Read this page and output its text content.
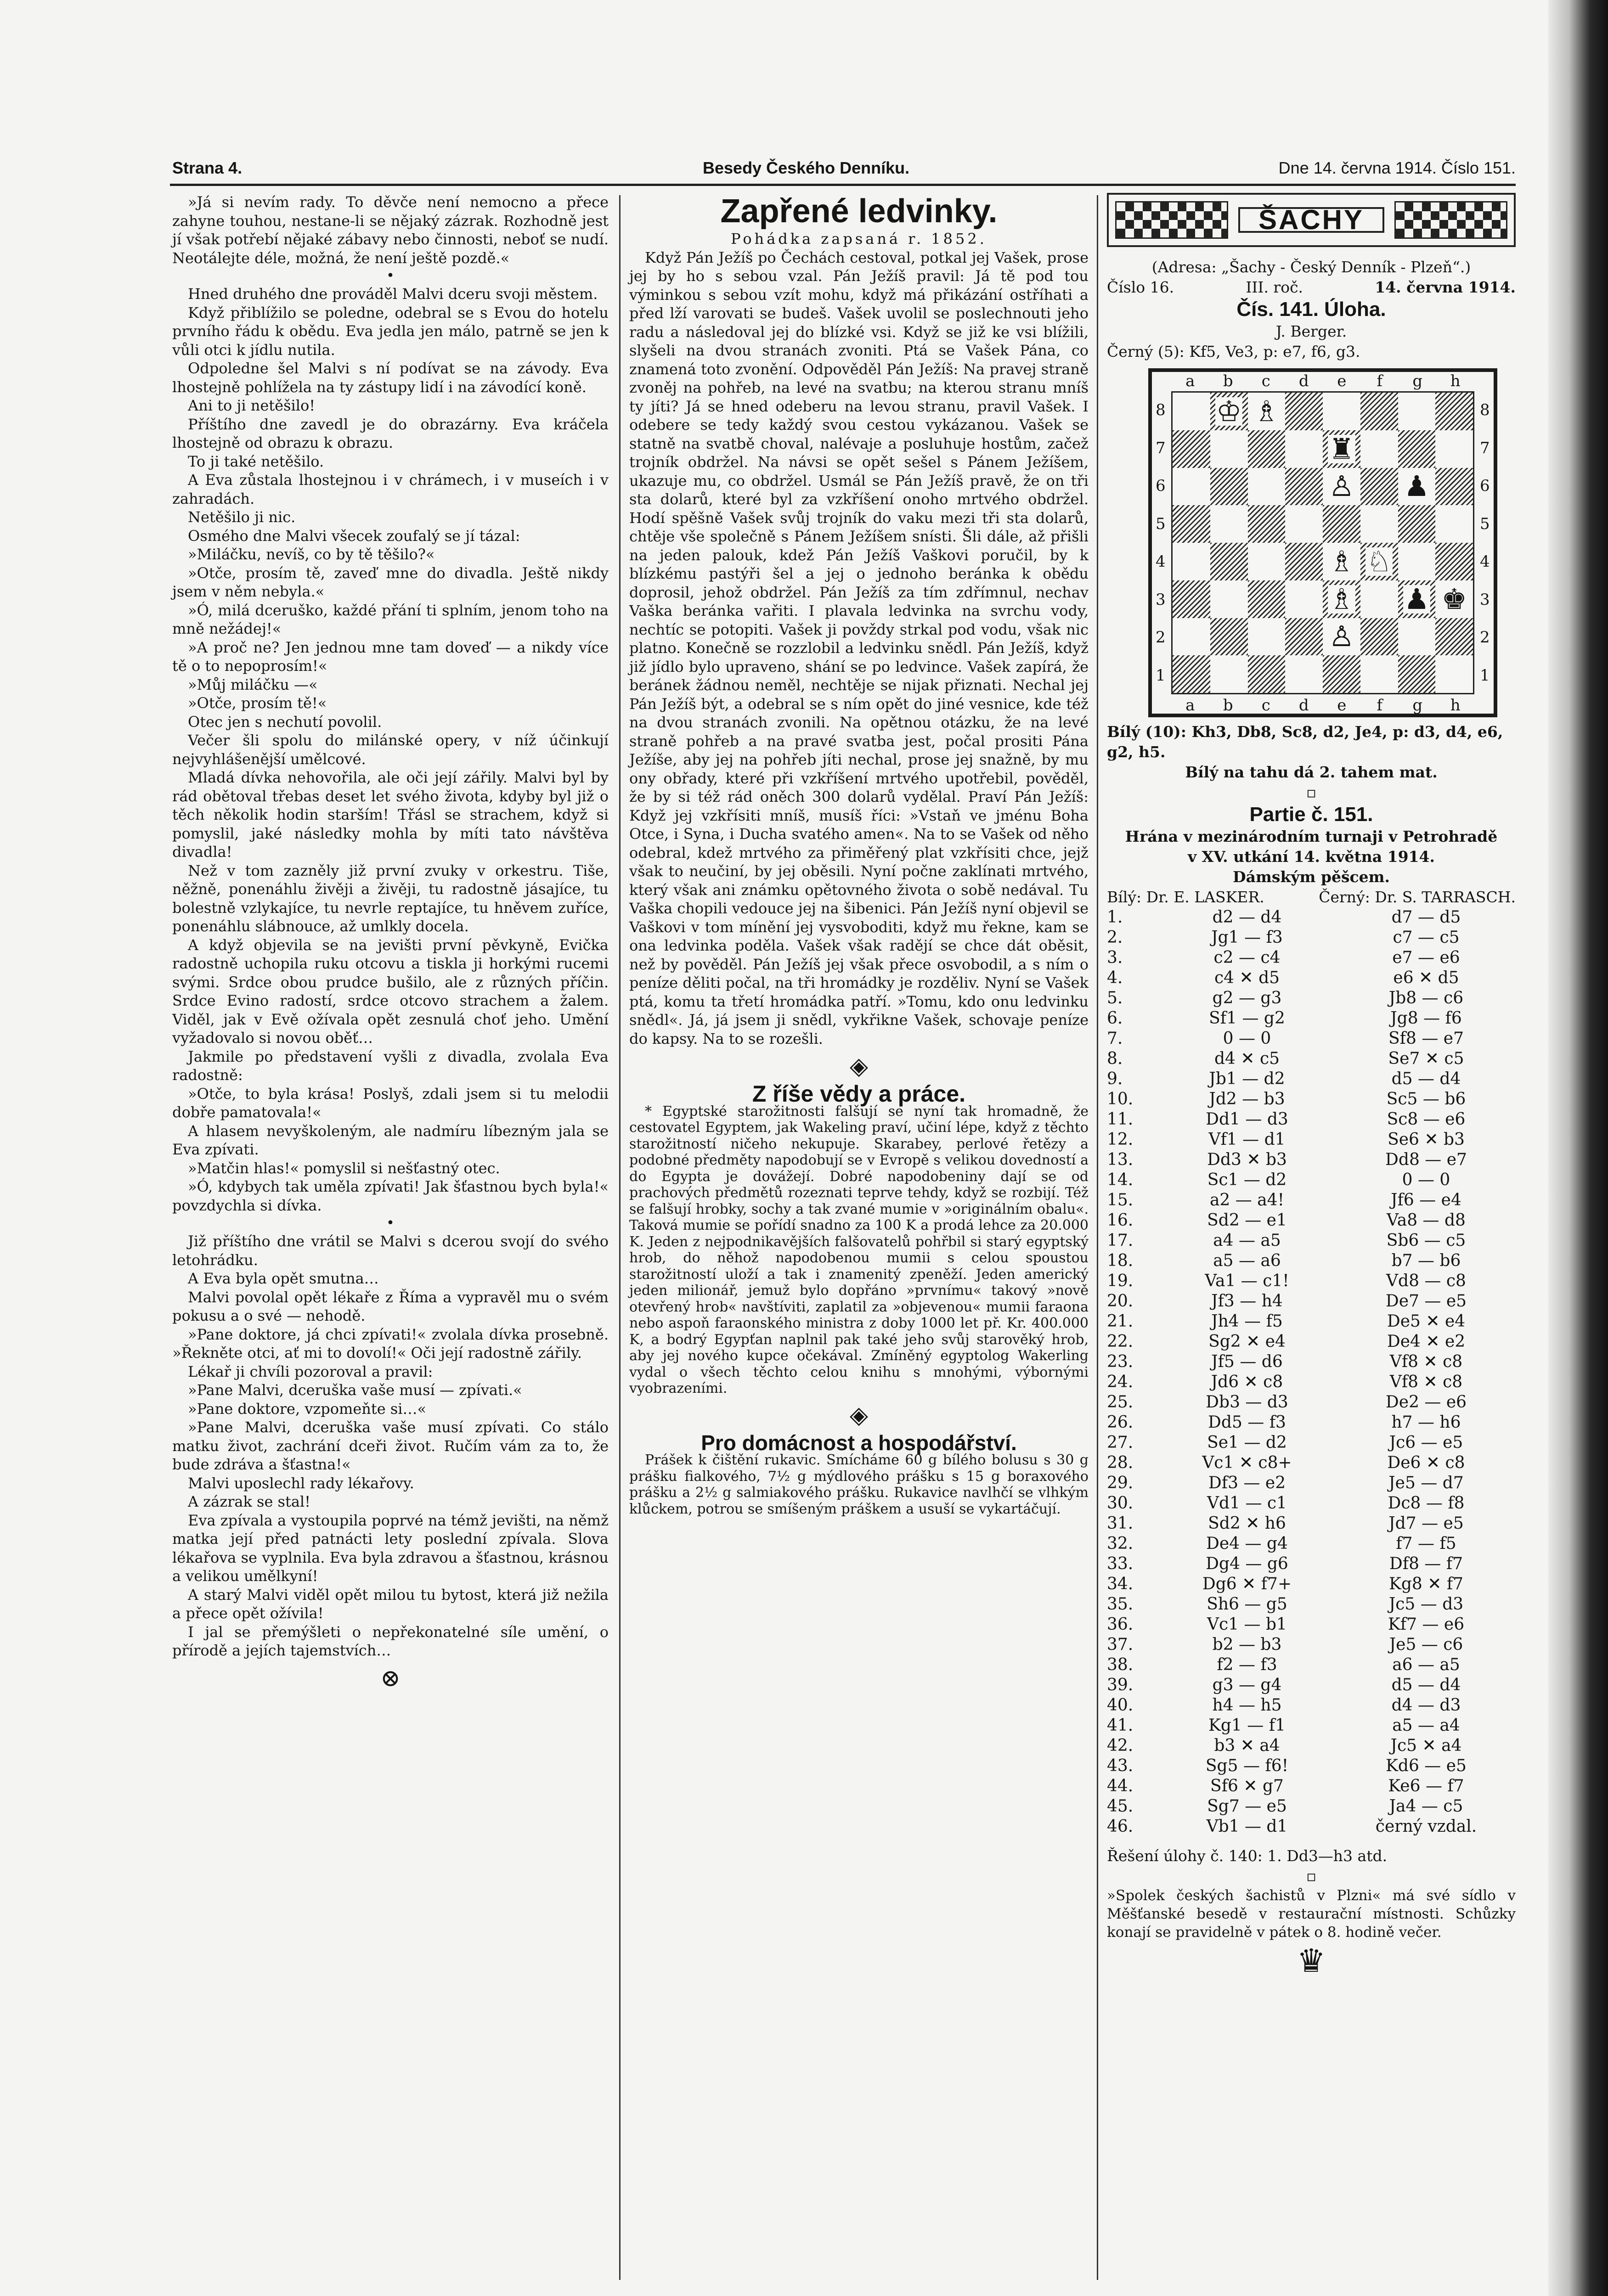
Strana 4.	Besedy Českého Denníku.	Dne 14. června 1914. Číslo 151.

»Já si nevím rady. To děvče není nemocno a přece zahyne touhou, nestane-li se nějaký zázrak. Rozhodně jest jí však potřebí nějaké zábavy nebo činnosti, neboť se nudí. Neotálejte déle, možná, že není ještě pozdě.«

•

Hned druhého dne prováděl Malvi dceru svoji městem.

Když přiblížilo se poledne, odebral se s Evou do hotelu prvního řádu k obědu. Eva jedla jen málo, patrně se jen k vůli otci k jídlu nutila.

Odpoledne šel Malvi s ní podívat se na závody. Eva lhostejně pohlížela na ty zástupy lidí i na závodící koně.

Ani to ji netěšilo!

Příštího dne zavedl je do obrazárny. Eva kráčela lhostejně od obrazu k obrazu.

To ji také netěšilo.

A Eva zůstala lhostejnou i v chrámech, i v museích i v zahradách.

Netěšilo ji nic.

Osmého dne Malvi všecek zoufalý se jí tázal:

»Miláčku, nevíš, co by tě těšilo?«

»Otče, prosím tě, zaveď mne do divadla. Ještě nikdy jsem v něm nebyla.«

»Ó, milá dceruško, každé přání ti splním, jenom toho na mně nežádej!«

»A proč ne? Jen jednou mne tam doveď — a nikdy více tě o to nepoprosím!«

»Můj miláčku —«

»Otče, prosím tě!«

Otec jen s nechutí povolil.

Večer šli spolu do milánské opery, v níž účinkují nejvyhlášenější umělcové.

Mladá dívka nehovořila, ale oči její zářily. Malvi byl by rád obětoval třebas deset let svého života, kdyby byl již o těch několik hodin starším! Třásl se strachem, když si pomyslil, jaké následky mohla by míti tato návštěva divadla!

Než v tom zazněly již první zvuky v orkestru. Tiše, něžně, ponenáhlu živěji a živěji, tu radostně jásajíce, tu bolestně vzlykajíce, tu nevrle reptajíce, tu hněvem zuříce, ponenáhlu slábnouce, až umlkly docela.

A když objevila se na jevišti první pěvkyně, Evička radostně uchopila ruku otcovu a tiskla ji horkými rucemi svými. Srdce obou prudce bušilo, ale z různých příčin. Srdce Evino radostí, srdce otcovo strachem a žalem. Viděl, jak v Evě ožívala opět zesnulá choť jeho. Umění vyžadovalo si novou oběť…

Jakmile po představení vyšli z divadla, zvolala Eva radostně:

»Otče, to byla krása! Poslyš, zdali jsem si tu melodii dobře pamatovala!«

A hlasem nevyškoleným, ale nadmíru líbezným jala se Eva zpívati.

»Matčin hlas!« pomyslil si nešťastný otec.

»Ó, kdybych tak uměla zpívati! Jak šťastnou bych byla!« povzdychla si dívka.

•

Již příštího dne vrátil se Malvi s dcerou svojí do svého letohrádku.

A Eva byla opět smutna…

Malvi povolal opět lékaře z Říma a vypravěl mu o svém pokusu a o své — nehodě.

»Pane doktore, já chci zpívati!« zvolala dívka prosebně. »Řekněte otci, ať mi to dovolí!« Oči její radostně zářily.

Lékař ji chvíli pozoroval a pravil:

»Pane Malvi, dceruška vaše musí — zpívati.«

»Pane doktore, vzpomeňte si…«

»Pane Malvi, dceruška vaše musí zpívati. Co stálo matku život, zachrání dceři život. Ručím vám za to, že bude zdráva a šťastna!«

Malvi uposlechl rady lékařovy.

A zázrak se stal!

Eva zpívala a vystoupila poprvé na témž jevišti, na němž matka její před patnácti lety poslední zpívala. Slova lékařova se vyplnila. Eva byla zdravou a šťastnou, krásnou a velikou umělkyní!

A starý Malvi viděl opět milou tu bytost, která již nežila a přece opět ožívila!

I jal se přemýšleti o nepřekonatelné síle umění, o přírodě a jejích tajemstvích…

⊗

Zapřené ledvinky.

Pohádka zapsaná r. 1852.

Když Pán Ježíš po Čechách cestoval, potkal jej Vašek, prose jej by ho s sebou vzal. Pán Ježíš pravil: Já tě pod tou výminkou s sebou vzít mohu, když má přikázání ostříhati a před lží varovati se budeš. Vašek uvolil se poslechnouti jeho radu a následoval jej do blízké vsi. Když se již ke vsi blížili, slyšeli na dvou stranách zvoniti. Ptá se Vašek Pána, co znamená toto zvonění. Odpověděl Pán Ježíš: Na pravej straně zvoněj na pohřeb, na levé na svatbu; na kterou stranu mníš ty jíti? Já se hned odeberu na levou stranu, pravil Vašek. I odebere se tedy každý svou cestou vykázanou. Vašek se statně na svatbě choval, nalévaje a posluhuje hostům, začež trojník obdržel. Na návsi se opět sešel s Pánem Ježíšem, ukazuje mu, co obdržel. Usmál se Pán Ježíš pravě, že on tři sta dolarů, které byl za vzkříšení onoho mrtvého obdržel. Hodí spěšně Vašek svůj trojník do vaku mezi tři sta dolarů, chtěje vše společně s Pánem Ježíšem snísti. Šli dále, až přišli na jeden palouk, kdež Pán Ježíš Vaškovi poručil, by k blízkému pastýři šel a jej o jednoho beránka k obědu doprosil, jehož obdržel. Pán Ježíš za tím zdřímnul, nechav Vaška beránka vařiti. I plavala ledvinka na svrchu vody, nechtíc se potopiti. Vašek ji povždy strkal pod vodu, však nic platno. Konečně se rozzlobil a ledvinku snědl. Pán Ježíš, když již jídlo bylo upraveno, shání se po ledvince. Vašek zapírá, že beránek žádnou neměl, nechtěje se nijak přiznati. Nechal jej Pán Ježíš být, a odebral se s ním opět do jiné vesnice, kde též na dvou stranách zvonili. Na opětnou otázku, že na levé straně pohřeb a na pravé svatba jest, počal prositi Pána Ježíše, aby jej na pohřeb jíti nechal, prose jej snažně, by mu ony obřady, které při vzkříšení mrtvého upotřebil, pověděl, že by si též rád oněch 300 dolarů vydělal. Praví Pán Ježíš: Když jej vzkřísiti mníš, musíš říci: »Vstaň ve jménu Boha Otce, i Syna, i Ducha svatého amen«. Na to se Vašek od něho odebral, kdež mrtvého za přiměřený plat vzkřísiti chce, jejž však to neučiní, by jej oběsili. Nyní počne zaklínati mrtvého, který však ani známku opětovného života o sobě nedával. Tu Vaška chopili vedouce jej na šibenici. Pán Ježíš nyní objevil se Vaškovi v tom mínění jej vysvoboditi, když mu řekne, kam se ona ledvinka poděla. Vašek však radějí se chce dát oběsit, než by pověděl. Pán Ježíš jej však přece osvobodil, a s ním o peníze děliti počal, na tři hromádky je rozděliv. Nyní se Vašek ptá, komu ta třetí hromádka patří. »Tomu, kdo onu ledvinku snědl«. Já, já jsem ji snědl, vykřikne Vašek, schovaje peníze do kapsy. Na to se rozešli.

◈

Z říše vědy a práce.

* Egyptské starožitnosti falšují se nyní tak hromadně, že cestovatel Egyptem, jak Wakeling praví, učiní lépe, když z těchto starožitností ničeho nekupuje. Skarabey, perlové řetězy a podobné předměty napodobují se v Evropě s velikou dovedností a do Egypta je dovážejí. Dobré napodobeniny dají se od prachových předmětů rozeznati teprve tehdy, když se rozbijí. Též se falšují hrobky, sochy a tak zvané mumie v »originálním obalu«. Taková mumie se pořídí snadno za 100 K a prodá lehce za 20.000 K. Jeden z nejpodnikavějších falšovatelů pohřbil si starý egyptský hrob, do něhož napodobenou mumii s celou spoustou starožitností uloží a tak i znamenitý zpeněží. Jeden americký jeden milionář, jemuž bylo dopřáno »prvnímu« takový »nově otevřený hrob« navštíviti, zaplatil za »objevenou« mumii faraona nebo aspoň faraonského ministra z doby 1000 let př. Kr. 400.000 K, a bodrý Egypťan naplnil pak také jeho svůj starověký hrob, aby jej nového kupce očekával. Zmíněný egyptolog Wakerling vydal o všech těchto celou knihu s mnohými, výbornými vyobrazeními.

◈

Pro domácnost a hospodářství.

Prášek k čištění rukavic. Smícháme 60 g bílého bolusu s 30 g prášku fialkového, 7½ g mýdlového prášku s 15 g boraxového prášku a 2½ g salmiakového prášku. Rukavice navlhčí se vlhkým klůckem, potrou se smíšeným práškem a usuší se vykartáčují.

ŠACHY
(Adresa: „Šachy - Český Denník - Plzeň“.)
Číslo 16.	III. roč.	14. června 1914.
Čís. 141. Úloha.
J. Berger.
Černý (5): Kf5, Ve3, p: e7, f6, g3.
a	b	c	d	e	f	g	h
a	b	c	d	e	f	g	h
8
7
6
5
4
3
2
1
8
7
6
5
4
3
2
1
♔ ♗
♜
♙ ♟
♗ ♘
♗ ♟ ♚
♙
Bílý (10): Kh3, Db8, Sc8, d2, Je4, p: d3, d4, e6, g2, h5.
Bílý na tahu dá 2. tahem mat.
▫
Partie č. 151.
Hrána v mezinárodním turnaji v Petrohradě
v XV. utkání 14. května 1914.
Dámským pěšcem.
Bílý: Dr. E. LASKER.	Černý: Dr. S. TARRASCH.
1.	d2 — d4	d7 — d5
2.	Jg1 — f3	c7 — c5
3.	c2 — c4	e7 — e6
4.	c4 ✕ d5	e6 ✕ d5
5.	g2 — g3	Jb8 — c6
6.	Sf1 — g2	Jg8 — f6
7.	0 — 0	Sf8 — e7
8.	d4 ✕ c5	Se7 ✕ c5
9.	Jb1 — d2	d5 — d4
10.	Jd2 — b3	Sc5 — b6
11.	Dd1 — d3	Sc8 — e6
12.	Vf1 — d1	Se6 ✕ b3
13.	Dd3 ✕ b3	Dd8 — e7
14.	Sc1 — d2	0 — 0
15.	a2 — a4!	Jf6 — e4
16.	Sd2 — e1	Va8 — d8
17.	a4 — a5	Sb6 — c5
18.	a5 — a6	b7 — b6
19.	Va1 — c1!	Vd8 — c8
20.	Jf3 — h4	De7 — e5
21.	Jh4 — f5	De5 ✕ e4
22.	Sg2 ✕ e4	De4 ✕ e2
23.	Jf5 — d6	Vf8 ✕ c8
24.	Jd6 ✕ c8	Vf8 ✕ c8
25.	Db3 — d3	De2 — e6
26.	Dd5 — f3	h7 — h6
27.	Se1 — d2	Jc6 — e5
28.	Vc1 ✕ c8+	De6 ✕ c8
29.	Df3 — e2	Je5 — d7
30.	Vd1 — c1	Dc8 — f8
31.	Sd2 ✕ h6	Jd7 — e5
32.	De4 — g4	f7 — f5
33.	Dg4 — g6	Df8 — f7
34.	Dg6 ✕ f7+	Kg8 ✕ f7
35.	Sh6 — g5	Jc5 — d3
36.	Vc1 — b1	Kf7 — e6
37.	b2 — b3	Je5 — c6
38.	f2 — f3	a6 — a5
39.	g3 — g4	d5 — d4
40.	h4 — h5	d4 — d3
41.	Kg1 — f1	a5 — a4
42.	b3 ✕ a4	Jc5 ✕ a4
43.	Sg5 — f6!	Kd6 — e5
44.	Sf6 ✕ g7	Ke6 — f7
45.	Sg7 — e5	Ja4 — c5
46.	Vb1 — d1	černý vzdal.
Řešení úlohy č. 140: 1. Dd3—h3 atd.
▫
»Spolek českých šachistů v Plzni« má své sídlo v Měšťanské besedě v restaurační místnosti. Schůzky konají se pravidelně v pátek o 8. hodině večer.
♛
